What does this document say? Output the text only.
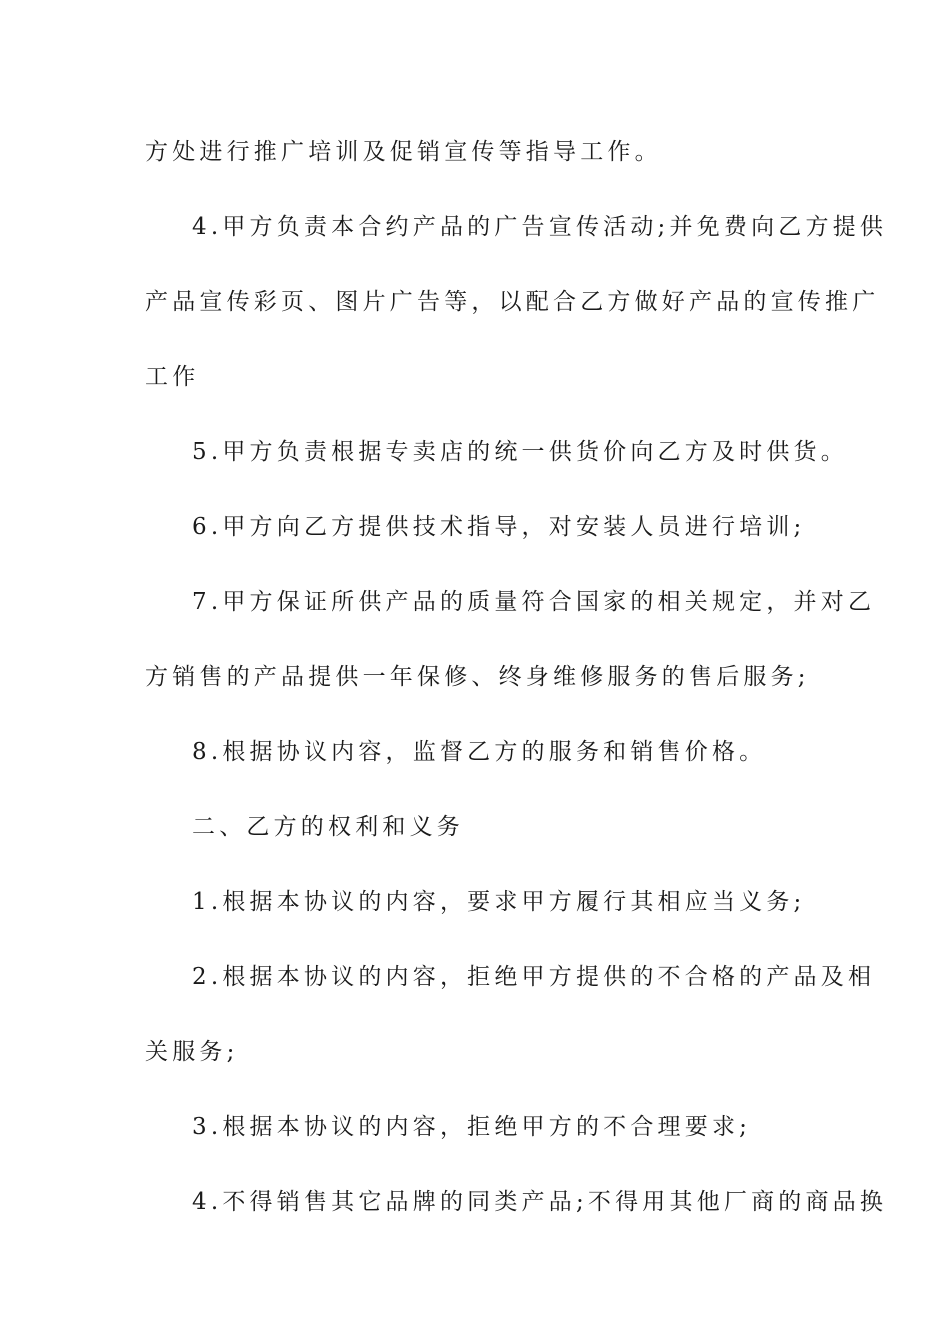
方处进行推广培训及促销宣传等指导工作。
4.甲方负责本合约产品的广告宣传活动;并免费向乙方提供
产品宣传彩页、图片广告等，以配合乙方做好产品的宣传推广
工作
5.甲方负责根据专卖店的统一供货价向乙方及时供货。
6.甲方向乙方提供技术指导，对安装人员进行培训;
7.甲方保证所供产品的质量符合国家的相关规定，并对乙
方销售的产品提供一年保修、终身维修服务的售后服务;
8.根据协议内容，监督乙方的服务和销售价格。
二、乙方的权利和义务
1.根据本协议的内容，要求甲方履行其相应当义务;
2.根据本协议的内容，拒绝甲方提供的不合格的产品及相
关服务;
3.根据本协议的内容，拒绝甲方的不合理要求;
4.不得销售其它品牌的同类产品;不得用其他厂商的商品换
